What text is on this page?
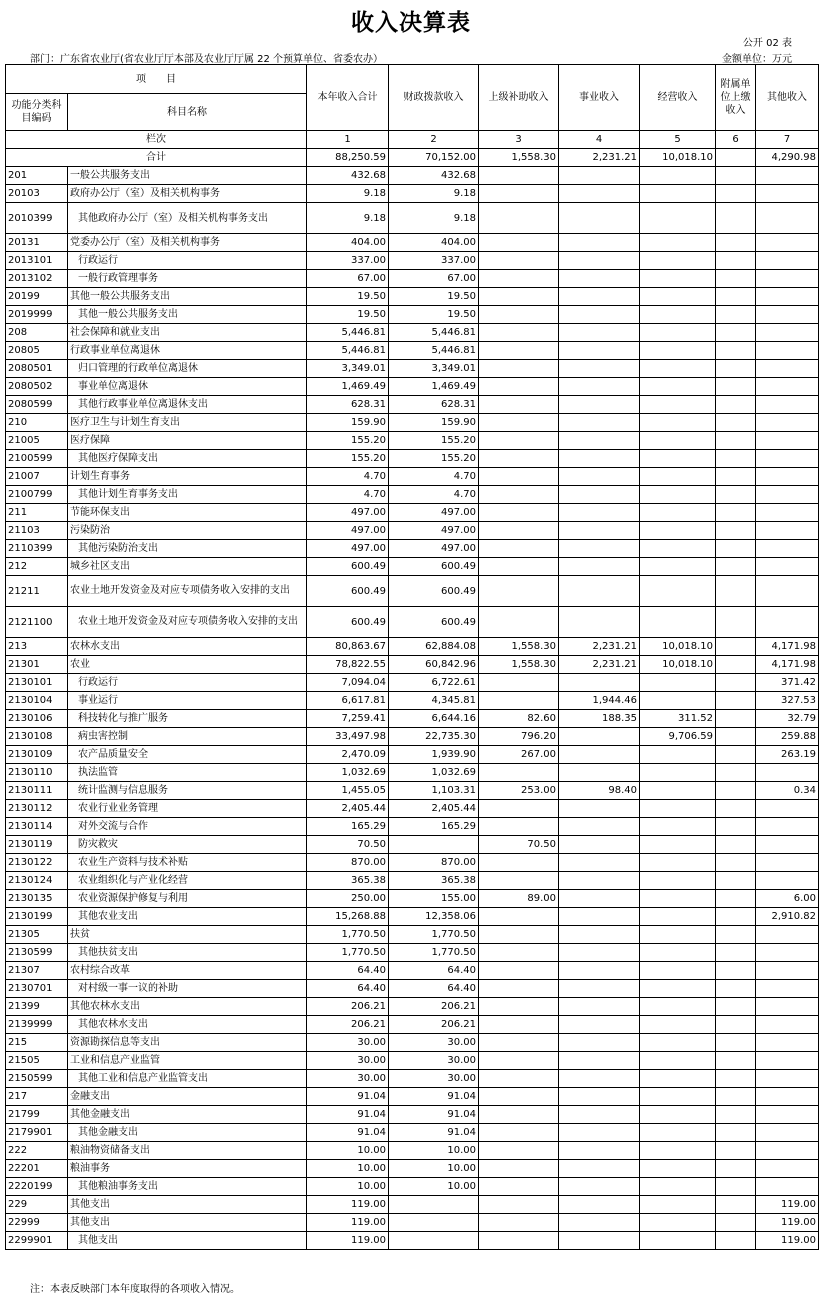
收入决算表
公开 02 表
部门：广东省农业厅(省农业厅厅本部及农业厅厅属 22 个预算单位、省委农办）	金额单位：万元
项　　目		本年收入合计	财政拨款收入	上级补助收入	事业收入	经营收入	附属单位上缴收入	其他收入
功能分类科目编码	科目名称							
栏次		1	2	3	4	5	6	7
合计		88,250.59	70,152.00	1,558.30	2,231.21	10,018.10		4,290.98
201	一般公共服务支出	432.68	432.68					
20103	政府办公厅（室）及相关机构事务	9.18	9.18					
2010399	其他政府办公厅（室）及相关机构事务支出	9.18	9.18					
20131	党委办公厅（室）及相关机构事务	404.00	404.00					
2013101	行政运行	337.00	337.00					
2013102	一般行政管理事务	67.00	67.00					
20199	其他一般公共服务支出	19.50	19.50					
2019999	其他一般公共服务支出	19.50	19.50					
208	社会保障和就业支出	5,446.81	5,446.81					
20805	行政事业单位离退休	5,446.81	5,446.81					
2080501	归口管理的行政单位离退休	3,349.01	3,349.01					
2080502	事业单位离退休	1,469.49	1,469.49					
2080599	其他行政事业单位离退休支出	628.31	628.31					
210	医疗卫生与计划生育支出	159.90	159.90					
21005	医疗保障	155.20	155.20					
2100599	其他医疗保障支出	155.20	155.20					
21007	计划生育事务	4.70	4.70					
2100799	其他计划生育事务支出	4.70	4.70					
211	节能环保支出	497.00	497.00					
21103	污染防治	497.00	497.00					
2110399	其他污染防治支出	497.00	497.00					
212	城乡社区支出	600.49	600.49					
21211	农业土地开发资金及对应专项债务收入安排的支出	600.49	600.49					
2121100	农业土地开发资金及对应专项债务收入安排的支出	600.49	600.49					
213	农林水支出	80,863.67	62,884.08	1,558.30	2,231.21	10,018.10		4,171.98
21301	农业	78,822.55	60,842.96	1,558.30	2,231.21	10,018.10		4,171.98
2130101	行政运行	7,094.04	6,722.61					371.42
2130104	事业运行	6,617.81	4,345.81		1,944.46			327.53
2130106	科技转化与推广服务	7,259.41	6,644.16	82.60	188.35	311.52		32.79
2130108	病虫害控制	33,497.98	22,735.30	796.20		9,706.59		259.88
2130109	农产品质量安全	2,470.09	1,939.90	267.00				263.19
2130110	执法监管	1,032.69	1,032.69					
2130111	统计监测与信息服务	1,455.05	1,103.31	253.00	98.40			0.34
2130112	农业行业业务管理	2,405.44	2,405.44					
2130114	对外交流与合作	165.29	165.29					
2130119	防灾救灾	70.50		70.50				
2130122	农业生产资料与技术补贴	870.00	870.00					
2130124	农业组织化与产业化经营	365.38	365.38					
2130135	农业资源保护修复与利用	250.00	155.00	89.00				6.00
2130199	其他农业支出	15,268.88	12,358.06					2,910.82
21305	扶贫	1,770.50	1,770.50					
2130599	其他扶贫支出	1,770.50	1,770.50					
21307	农村综合改革	64.40	64.40					
2130701	对村级一事一议的补助	64.40	64.40					
21399	其他农林水支出	206.21	206.21					
2139999	其他农林水支出	206.21	206.21					
215	资源勘探信息等支出	30.00	30.00					
21505	工业和信息产业监管	30.00	30.00					
2150599	其他工业和信息产业监管支出	30.00	30.00					
217	金融支出	91.04	91.04					
21799	其他金融支出	91.04	91.04					
2179901	其他金融支出	91.04	91.04					
222	粮油物资储备支出	10.00	10.00					
22201	粮油事务	10.00	10.00					
2220199	其他粮油事务支出	10.00	10.00					
229	其他支出	119.00						119.00
22999	其他支出	119.00						119.00
2299901	其他支出	119.00						119.00
注：本表反映部门本年度取得的各项收入情况。
